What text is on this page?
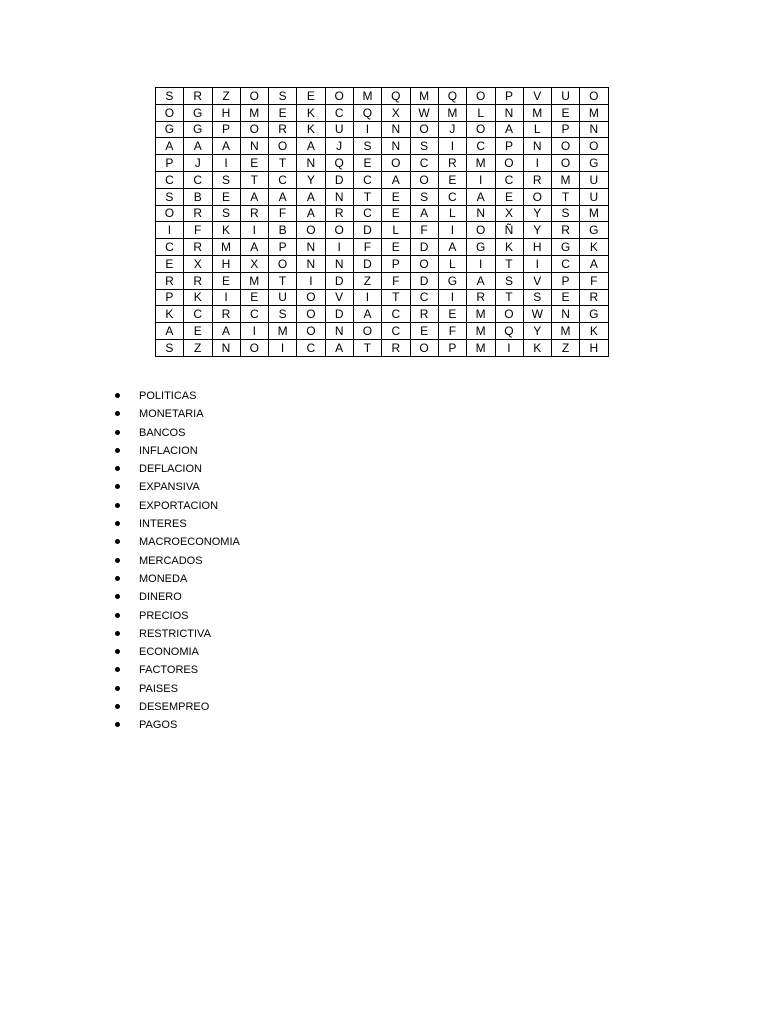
S	R	Z	O	S	E	O	M	Q	M	Q	O	P	V	U	O
O	G	H	M	E	K	C	Q	X	W	M	L	N	M	E	M
G	G	P	O	R	K	U	I	N	O	J	O	A	L	P	N
A	A	A	N	O	A	J	S	N	S	I	C	P	N	O	O
P	J	I	E	T	N	Q	E	O	C	R	M	O	I	O	G
C	C	S	T	C	Y	D	C	A	O	E	I	C	R	M	U
S	B	E	A	A	A	N	T	E	S	C	A	E	O	T	U
O	R	S	R	F	A	R	C	E	A	L	N	X	Y	S	M
I	F	K	I	B	O	O	D	L	F	I	O	Ñ	Y	R	G
C	R	M	A	P	N	I	F	E	D	A	G	K	H	G	K
E	X	H	X	O	N	N	D	P	O	L	I	T	I	C	A
R	R	E	M	T	I	D	Z	F	D	G	A	S	V	P	F
P	K	I	E	U	O	V	I	T	C	I	R	T	S	E	R
K	C	R	C	S	O	D	A	C	R	E	M	O	W	N	G
A	E	A	I	M	O	N	O	C	E	F	M	Q	Y	M	K
S	Z	N	O	I	C	A	T	R	O	P	M	I	K	Z	H
POLITICAS
MONETARIA
BANCOS
INFLACION
DEFLACION
EXPANSIVA
EXPORTACION
INTERES
MACROECONOMIA
MERCADOS
MONEDA
DINERO
PRECIOS
RESTRICTIVA
ECONOMIA
FACTORES
PAISES
DESEMPREO
PAGOS
